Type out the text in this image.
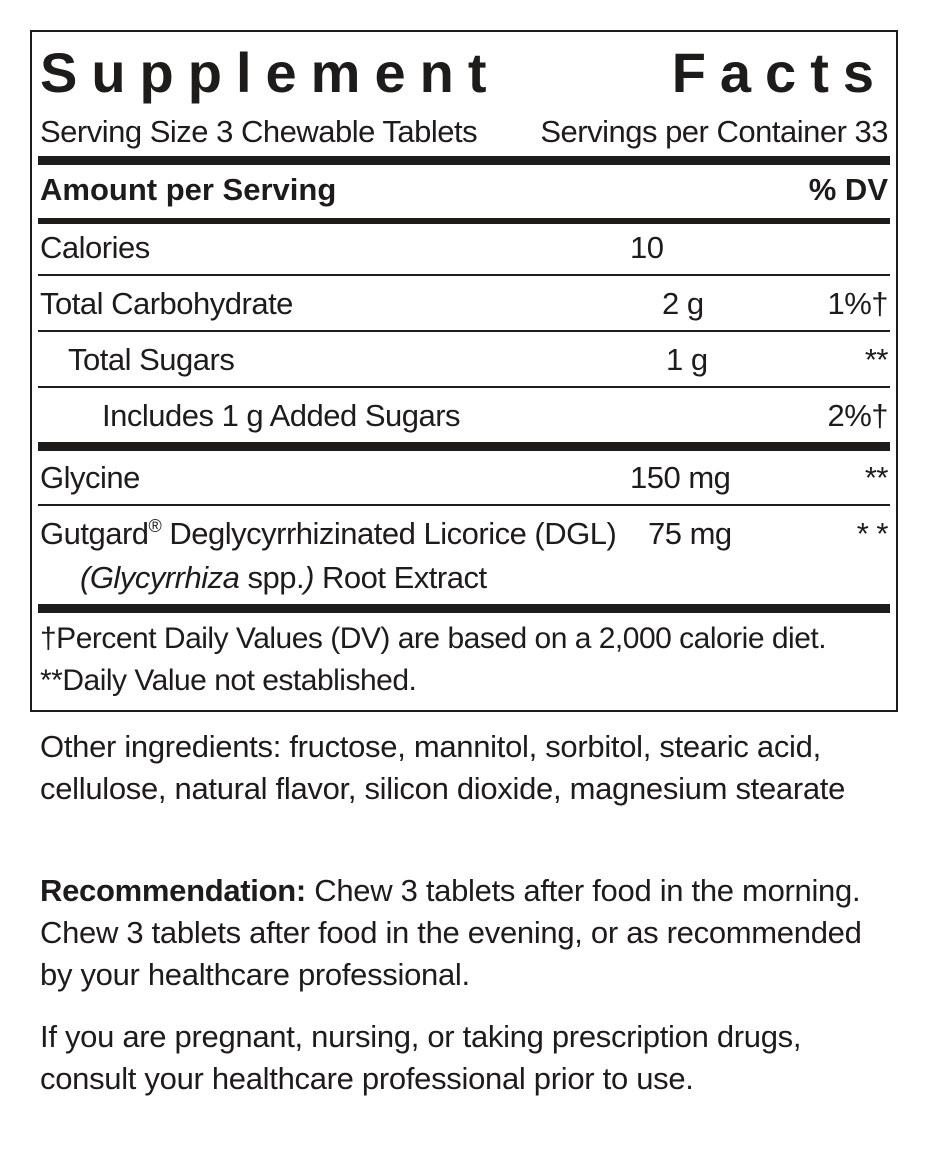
Supplement Facts
Serving Size 3 Chewable Tablets Servings per Container 33
Amount per Serving	% DV
Calories	10
Total Carbohydrate	2 g	1%†
Total Sugars	1 g	**
Includes 1 g Added Sugars	2%†
Glycine	150 mg	**
Gutgard® Deglycyrrhizinated Licorice (DGL) 75 mg	* *
(Glycyrrhiza spp.) Root Extract
†Percent Daily Values (DV) are based on a 2,000 calorie diet.
**Daily Value not established.
Other ingredients: fructose, mannitol, sorbitol, stearic acid, cellulose, natural flavor, silicon dioxide, magnesium stearate
Recommendation: Chew 3 tablets after food in the morning. Chew 3 tablets after food in the evening, or as recommended by your healthcare professional.
If you are pregnant, nursing, or taking prescription drugs, consult your healthcare professional prior to use.
